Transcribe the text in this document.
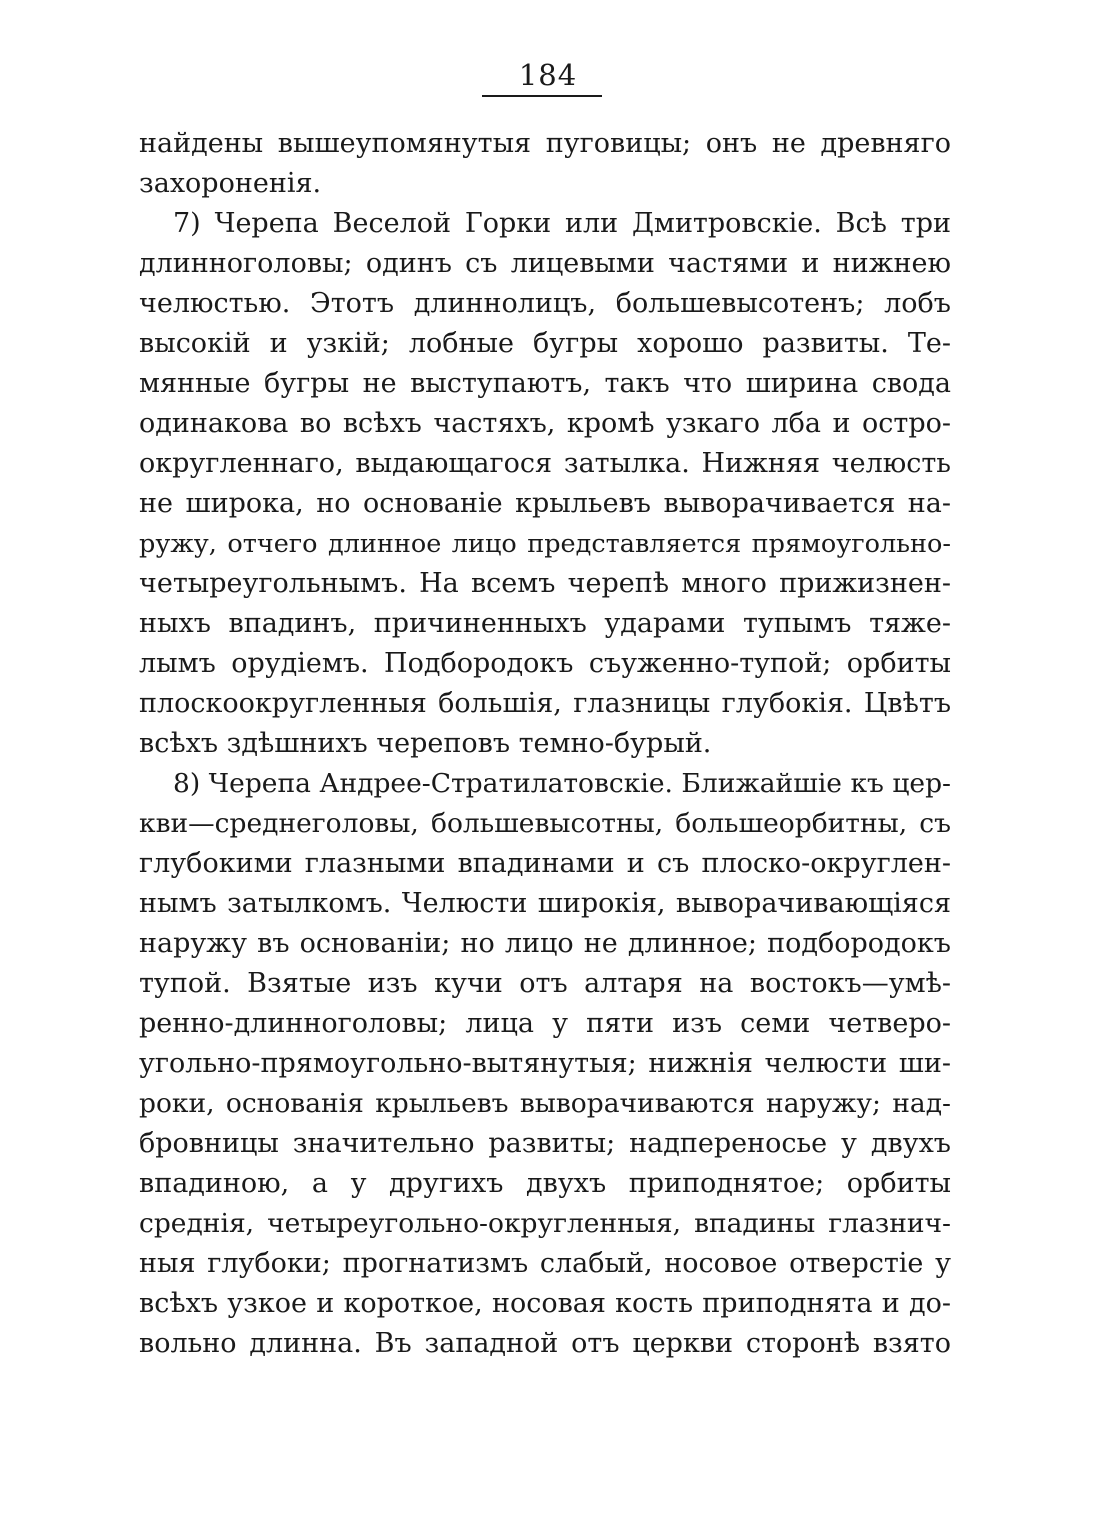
184
найдены вышеупомянутыя пуговицы; онъ не древняго
захороненія.
7) Черепа Веселой Горки или Дмитровскіе. Всѣ три
длинноголовы; одинъ съ лицевыми частями и нижнею
челюстью. Этотъ длиннолицъ, большевысотенъ; лобъ
высокій и узкій; лобные бугры хорошо развиты. Те-
мянные бугры не выступаютъ, такъ что ширина свода
одинакова во всѣхъ частяхъ, кромѣ узкаго лба и остро-
округленнаго, выдающагося затылка. Нижняя челюсть
не широка, но основаніе крыльевъ выворачивается на-
ружу, отчего длинное лицо представляется прямоугольно-
четыреугольнымъ. На всемъ черепѣ много прижизнен-
ныхъ впадинъ, причиненныхъ ударами тупымъ тяже-
лымъ орудіемъ. Подбородокъ съуженно-тупой; орбиты
плоскоокругленныя большія, глазницы глубокія. Цвѣтъ
всѣхъ здѣшнихъ череповъ темно-бурый.
8) Черепа Андрее-Стратилатовскіе. Ближайшіе къ цер-
кви—среднеголовы, большевысотны, большеорбитны, съ
глубокими глазными впадинами и съ плоско-округлен-
нымъ затылкомъ. Челюсти широкія, выворачивающіяся
наружу въ основаніи; но лицо не длинное; подбородокъ
тупой. Взятые изъ кучи отъ алтаря на востокъ—умѣ-
ренно-длинноголовы; лица у пяти изъ семи четверо-
угольно-прямоугольно-вытянутыя; нижнія челюсти ши-
роки, основанія крыльевъ выворачиваются наружу; над-
бровницы значительно развиты; надпереносье у двухъ
впадиною, а у другихъ двухъ приподнятое; орбиты
среднія, четыреугольно-округленныя, впадины глазнич-
ныя глубоки; прогнатизмъ слабый, носовое отверстіе у
всѣхъ узкое и короткое, носовая кость приподнята и до-
вольно длинна. Въ западной отъ церкви сторонѣ взято
